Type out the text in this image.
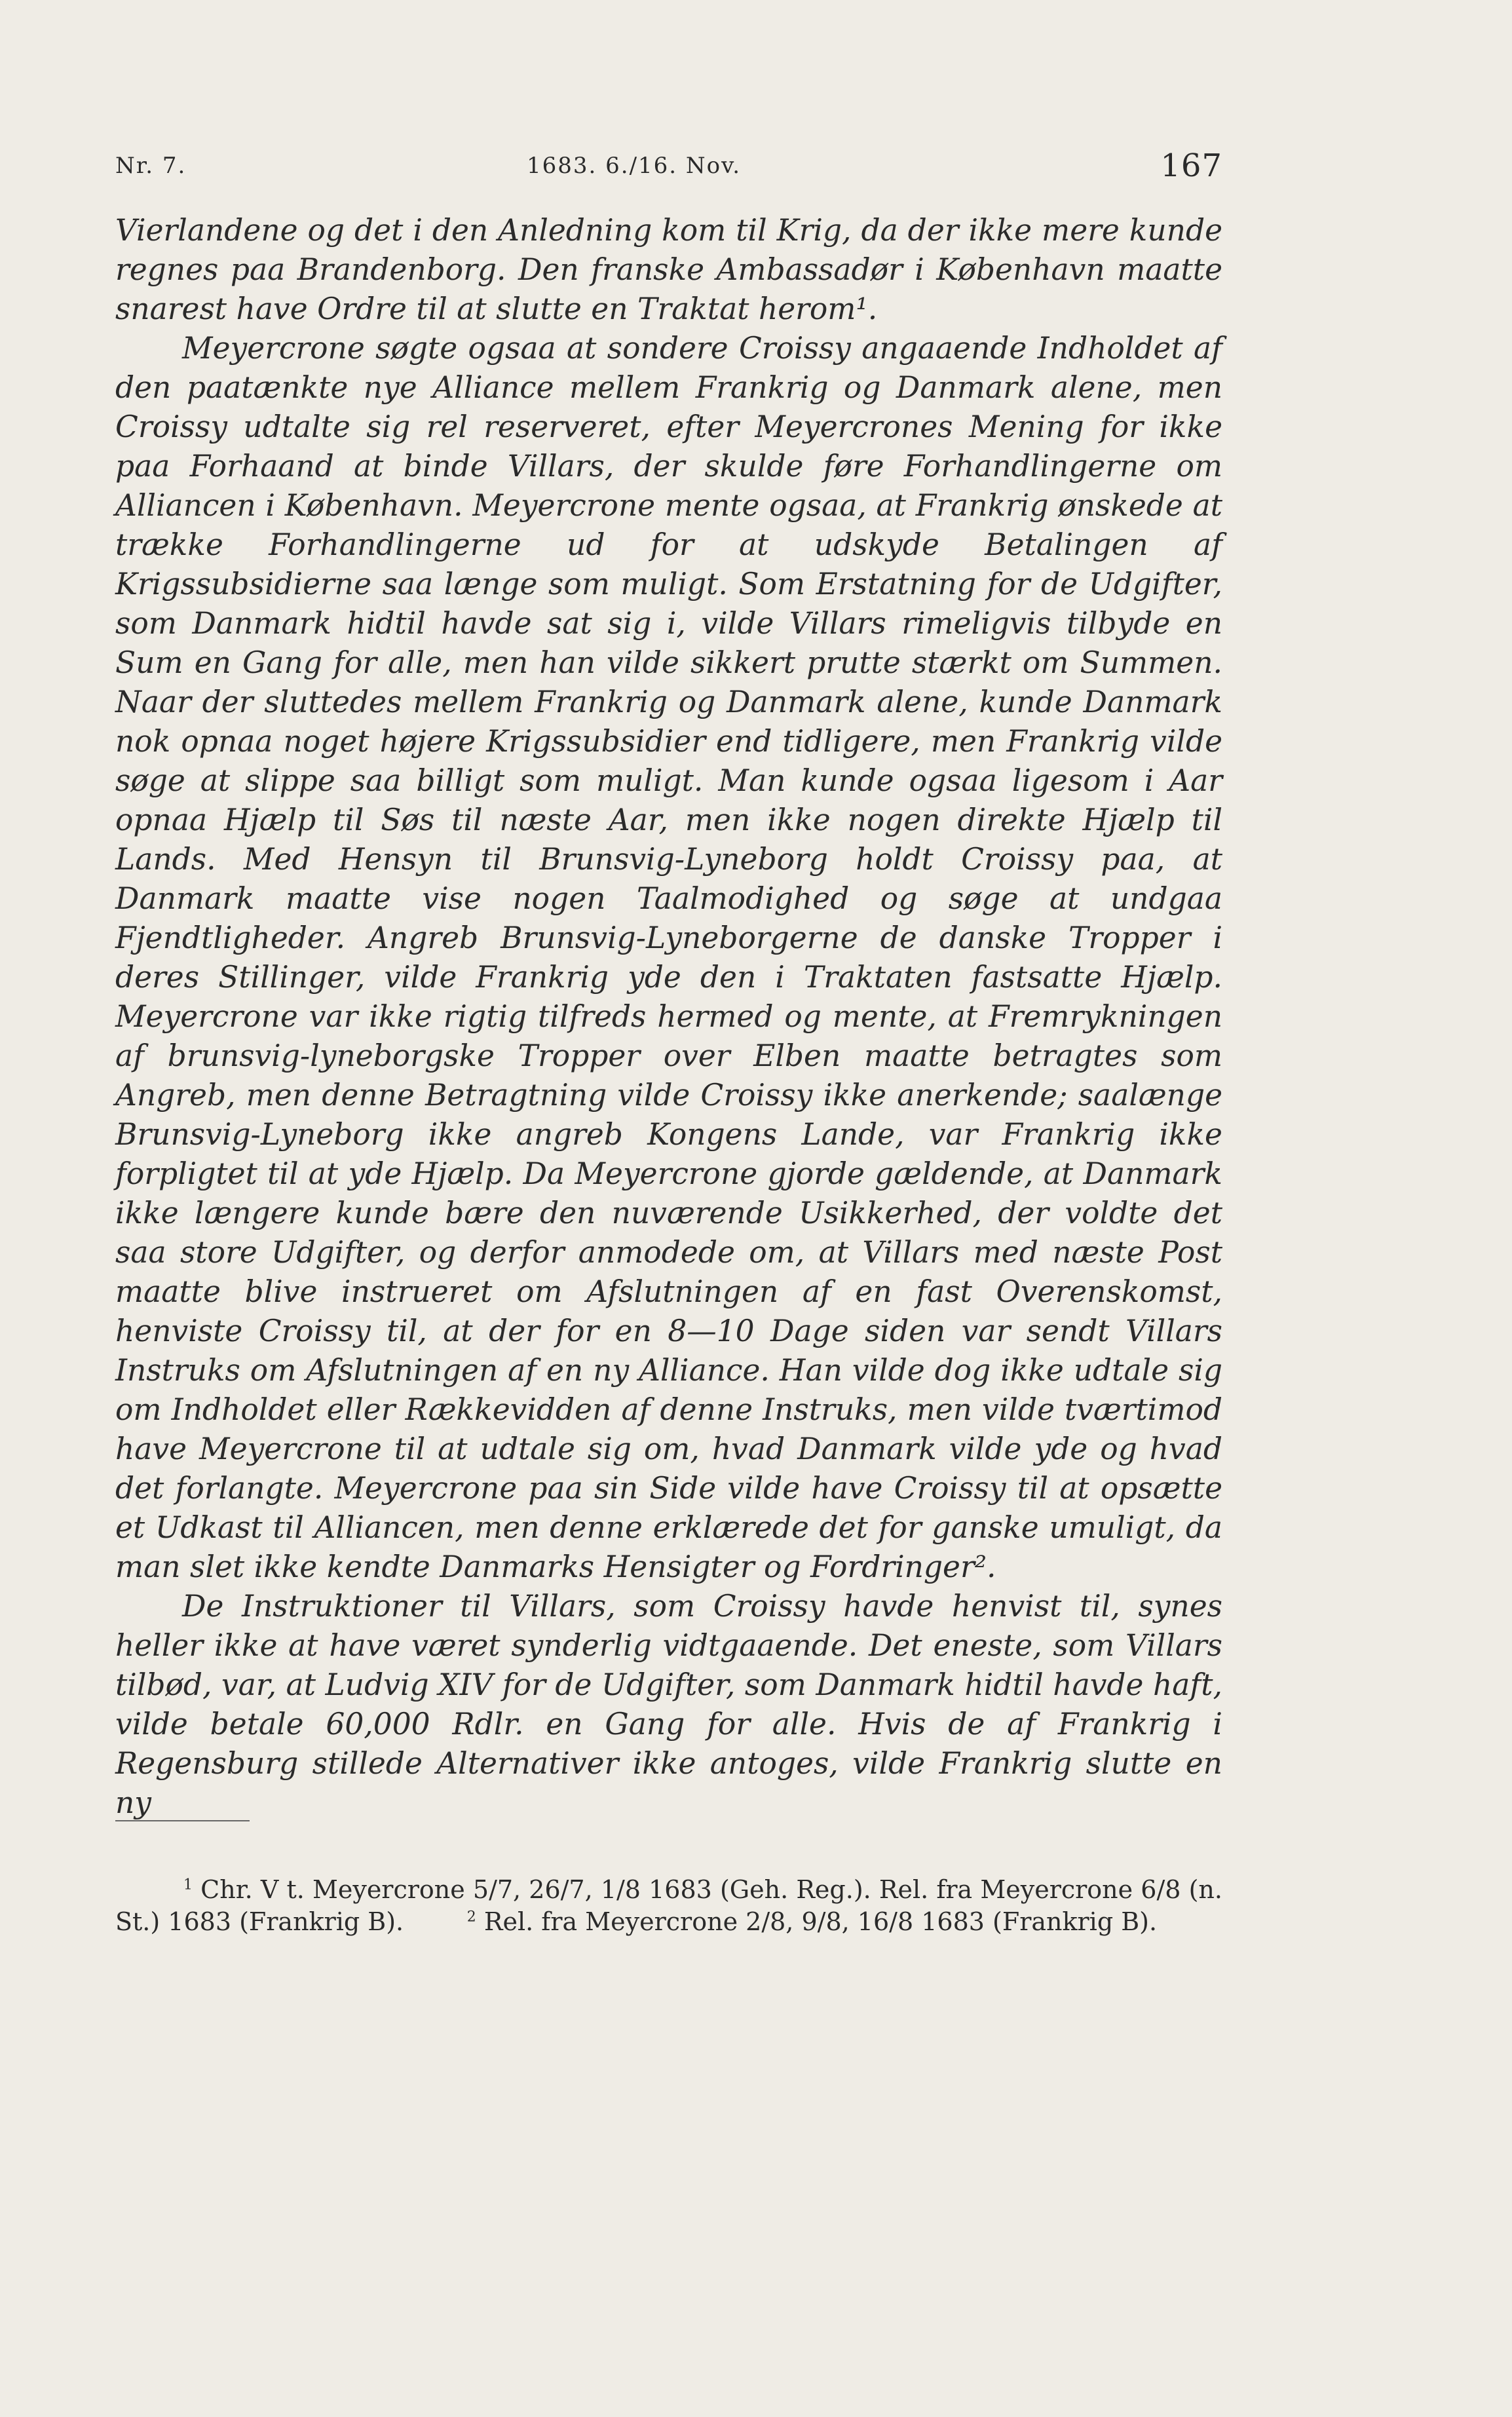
Nr. 7.	1683. 6./16. Nov.	167

Vierlandene og det i den Anledning kom til Krig, da der ikke mere kunde regnes paa Brandenborg. Den franske Ambassadør i København maatte snarest have Ordre til at slutte en Traktat herom¹.

Meyercrone søgte ogsaa at sondere Croissy angaaende Indholdet af den paatænkte nye Alliance mellem Frankrig og Danmark alene, men Croissy udtalte sig rel reserveret, efter Meyercrones Mening for ikke paa Forhaand at binde Villars, der skulde føre Forhandlingerne om Alliancen i København. Meyercrone mente ogsaa, at Frankrig ønskede at trække Forhandlingerne ud for at udskyde Betalingen af Krigssubsidierne saa længe som muligt. Som Erstatning for de Udgifter, som Danmark hidtil havde sat sig i, vilde Villars rimeligvis tilbyde en Sum en Gang for alle, men han vilde sikkert prutte stærkt om Summen. Naar der sluttedes mellem Frankrig og Danmark alene, kunde Danmark nok opnaa noget højere Krigssubsidier end tidligere, men Frankrig vilde søge at slippe saa billigt som muligt. Man kunde ogsaa ligesom i Aar opnaa Hjælp til Søs til næste Aar, men ikke nogen direkte Hjælp til Lands. Med Hensyn til Brunsvig-Lyneborg holdt Croissy paa, at Danmark maatte vise nogen Taalmodighed og søge at undgaa Fjendtligheder. Angreb Brunsvig-Lyneborgerne de danske Tropper i deres Stillinger, vilde Frankrig yde den i Traktaten fastsatte Hjælp. Meyercrone var ikke rigtig tilfreds hermed og mente, at Fremrykningen af brunsvig-lyneborgske Tropper over Elben maatte betragtes som Angreb, men denne Betragtning vilde Croissy ikke anerkende; saalænge Brunsvig-Lyneborg ikke angreb Kongens Lande, var Frankrig ikke forpligtet til at yde Hjælp. Da Meyercrone gjorde gældende, at Danmark ikke længere kunde bære den nuværende Usikkerhed, der voldte det saa store Udgifter, og derfor anmodede om, at Villars med næste Post maatte blive instrueret om Afslutningen af en fast Overenskomst, henviste Croissy til, at der for en 8—10 Dage siden var sendt Villars Instruks om Afslutningen af en ny Alliance. Han vilde dog ikke udtale sig om Indholdet eller Rækkevidden af denne Instruks, men vilde tværtimod have Meyercrone til at udtale sig om, hvad Danmark vilde yde og hvad det forlangte. Meyercrone paa sin Side vilde have Croissy til at opsætte et Udkast til Alliancen, men denne erklærede det for ganske umuligt, da man slet ikke kendte Danmarks Hensigter og Fordringer².

De Instruktioner til Villars, som Croissy havde henvist til, synes heller ikke at have været synderlig vidtgaaende. Det eneste, som Villars tilbød, var, at Ludvig XIV for de Udgifter, som Danmark hidtil havde haft, vilde betale 60,000 Rdlr. en Gang for alle. Hvis de af Frankrig i Regensburg stillede Alternativer ikke antoges, vilde Frankrig slutte en ny

$^1$ Chr. V t. Meyercrone 5/7, 26/7, 1/8 1683 (Geh. Reg.). Rel. fra Meyercrone 6/8 (n. St.) 1683 (Frankrig B).	$^2$ Rel. fra Meyercrone 2/8, 9/8, 16/8 1683 (Frankrig B).
